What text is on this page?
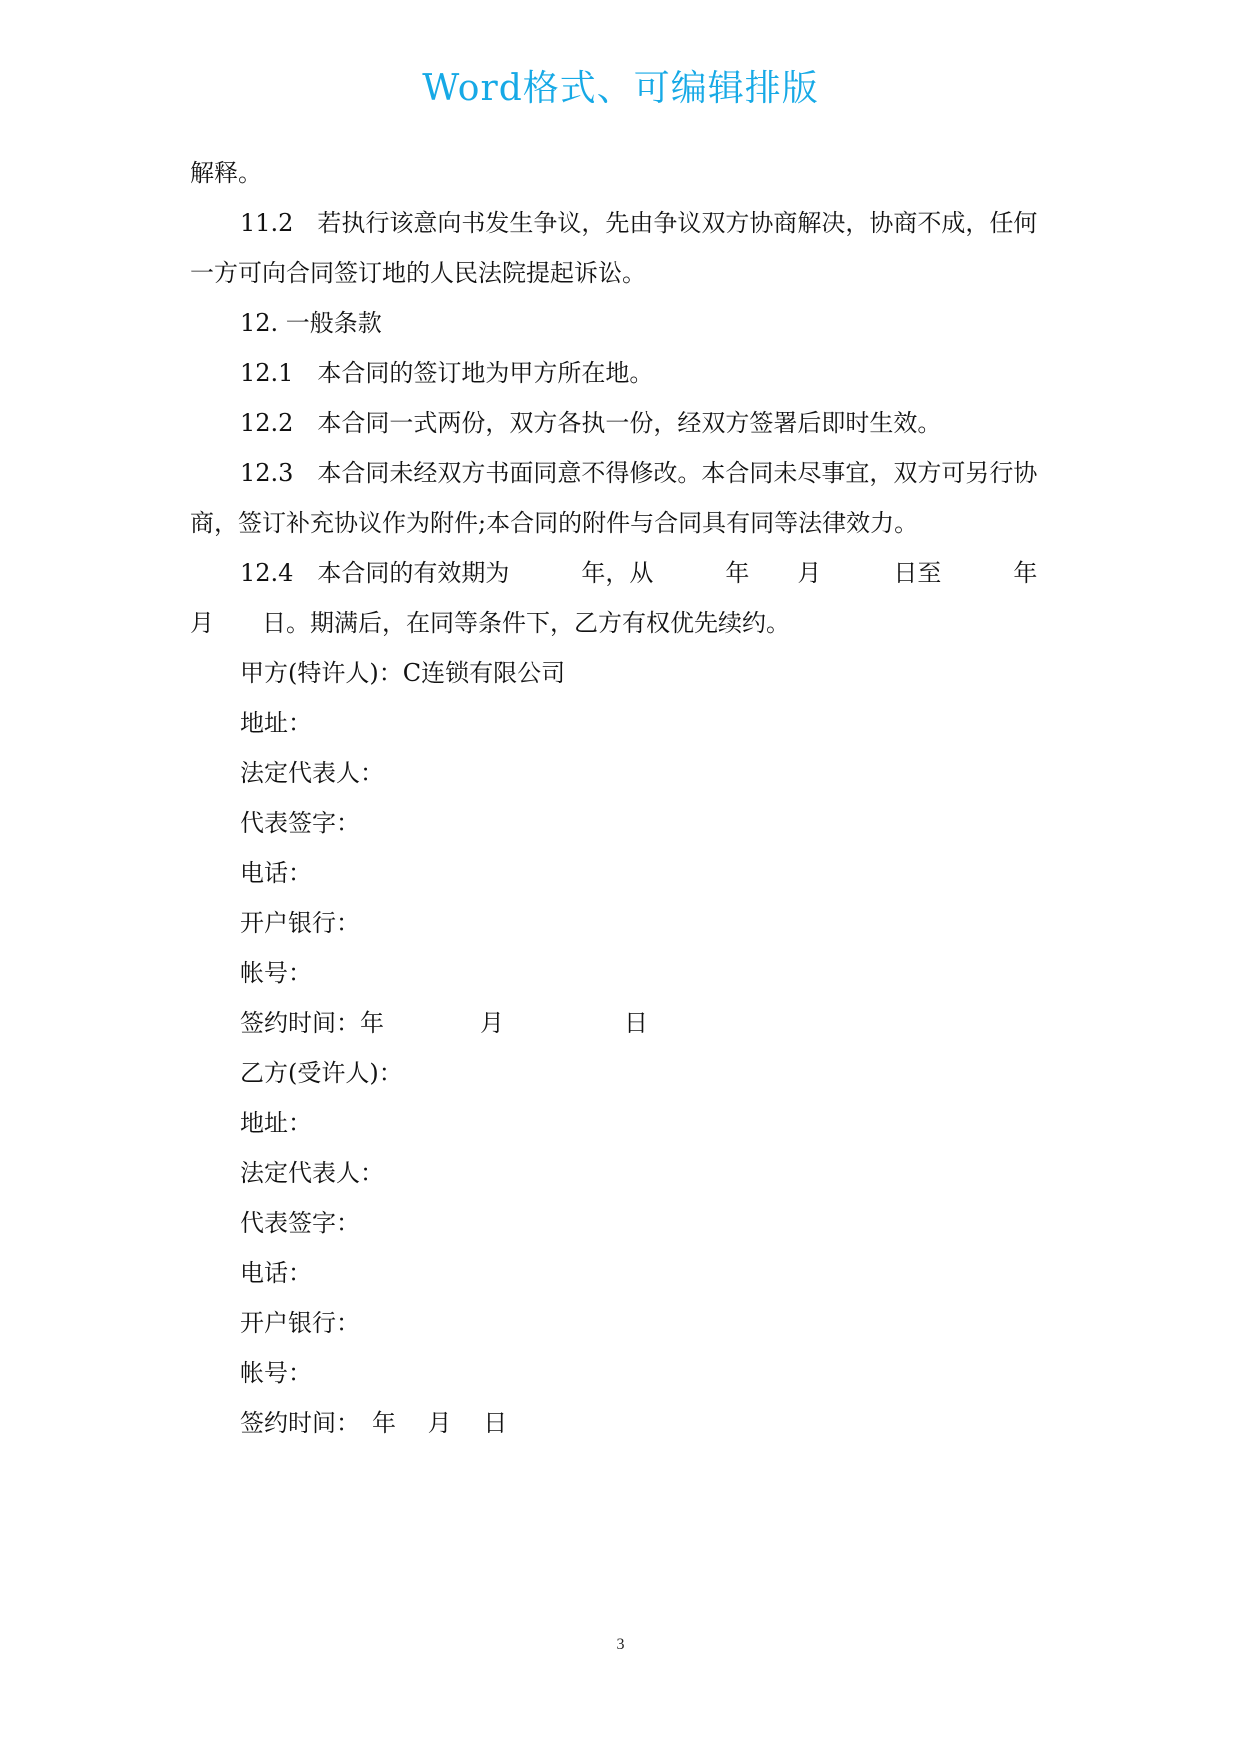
Word格式、可编辑排版
解释。
11.2　若执行该意向书发生争议，先由争议双方协商解决，协商不成，任何
一方可向合同签订地的人民法院提起诉讼。
12. 一般条款
12.1　本合同的签订地为甲方所在地。
12.2　本合同一式两份，双方各执一份，经双方签署后即时生效。
12.3　本合同未经双方书面同意不得修改。本合同未尽事宜，双方可另行协
商，签订补充协议作为附件;本合同的附件与合同具有同等法律效力。
12.4　本合同的有效期为　　　年，从　　　年　　月　　　日至　　　年
月　　日。期满后，在同等条件下，乙方有权优先续约。
甲方(特许人)：C连锁有限公司
地址：
法定代表人：
代表签字：
电话：
开户银行：
帐号：
签约时间：年　　　　月　　　　　日
乙方(受许人)：
地址：
法定代表人：
代表签字：
电话：
开户银行：
帐号：
签约时间：　年　 月　 日
3
